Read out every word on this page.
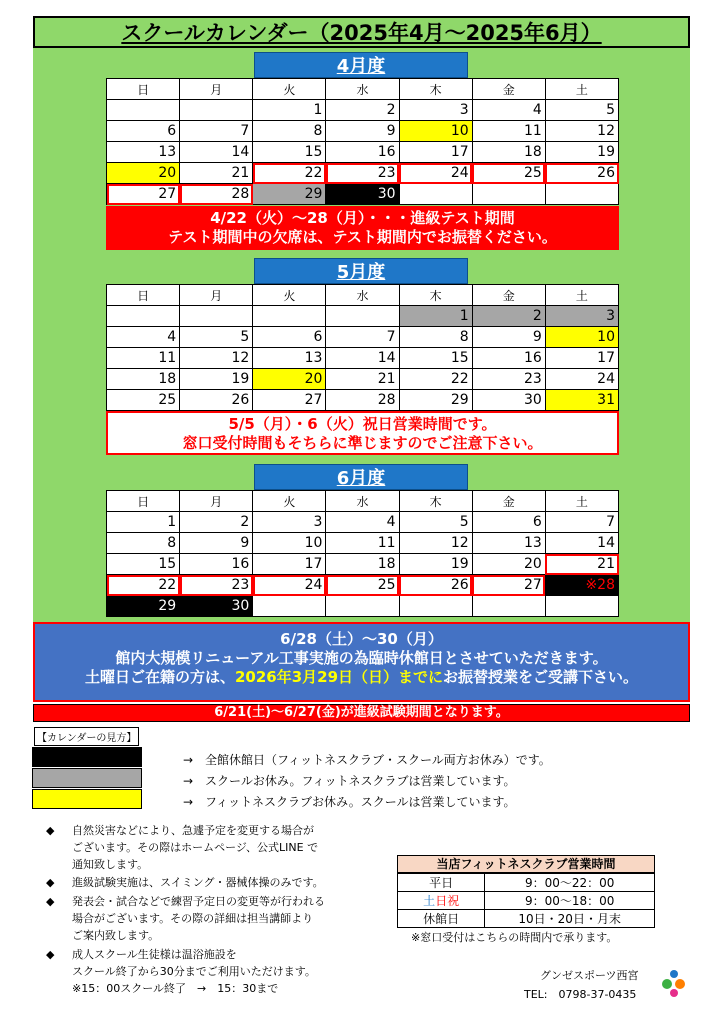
スクールカレンダー（2025年4月～2025年6月）
4月度
日	月	火	水	木	金	土
		1	2	3	4	5
6	7	8	9	10	11	12
13	14	15	16	17	18	19
20	21	22	23	24	25	26
27	28	29	30			
4/22（火）～28（月）・・・進級テスト期間
テスト期間中の欠席は、テスト期間内でお振替ください。
5月度
日	月	火	水	木	金	土
				1	2	3
4	5	6	7	8	9	10
11	12	13	14	15	16	17
18	19	20	21	22	23	24
25	26	27	28	29	30	31
5/5（月）・6（火）祝日営業時間です。
窓口受付時間もそちらに準じますのでご注意下さい。
6月度
日	月	火	水	木	金	土
1	2	3	4	5	6	7
8	9	10	11	12	13	14
15	16	17	18	19	20	21
22	23	24	25	26	27	※28
29	30					
6/28（土）～30（月）
館内大規模リニューアル工事実施の為臨時休館日とさせていただきます。
土曜日ご在籍の方は、2026年3月29日（日）までにお振替授業をご受講下さい。
6/21(土)～6/27(金)が進級試験期間となります。
【カレンダーの見方】
→　全館休館日（フィットネスクラブ・スクール両方お休み）です。
→　スクールお休み。フィットネスクラブは営業しています。
→　フィットネスクラブお休み。スクールは営業しています。
◆ 自然災害などにより、急遽予定を変更する場合が
ございます。その際はホームページ、公式LINE で
通知致します。
◆ 進級試験実施は、スイミング・器械体操のみです。
◆ 発表会・試合などで練習予定日の変更等が行われる
場合がございます。その際の詳細は担当講師より
ご案内致します。
◆ 成人スクール生徒様は温浴施設を
スクール終了から30分までご利用いただけます。
※15：00スクール終了　→　15：30まで
当店フィットネスクラブ営業時間
平日	9：00～22：00
土日祝	9：00～18：00
休館日	10日・20日・月末
※窓口受付はこちらの時間内で承ります。
グンゼスポーツ西宮
TEL:　0798-37-0435
